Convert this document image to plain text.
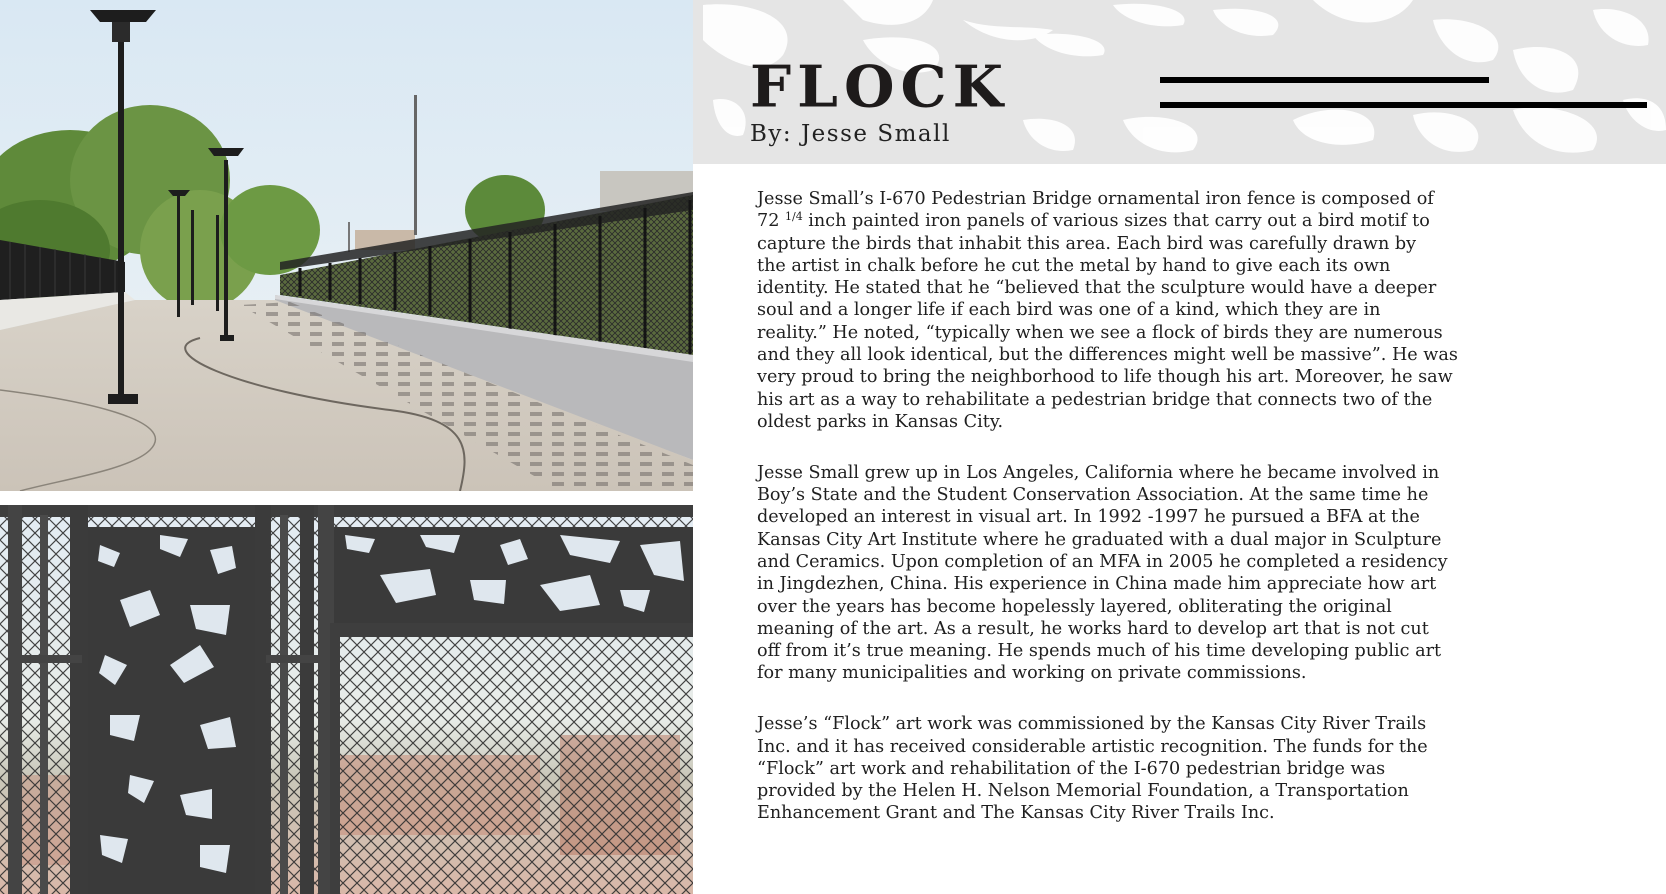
FLOCK
By: Jesse Small

Jesse Small’s I-670 Pedestrian Bridge ornamental iron fence is composed of
72 $^{1/4}$ inch painted iron panels of various sizes that carry out a bird motif to
capture the birds that inhabit this area. Each bird was carefully drawn by
the artist in chalk before he cut the metal by hand to give each its own
identity. He stated that he “believed that the sculpture would have a deeper
soul and a longer life if each bird was one of a kind, which they are in
reality.” He noted, “typically when we see a flock of birds they are numerous
and they all look identical, but the differences might well be massive”. He was
very proud to bring the neighborhood to life though his art. Moreover, he saw
his art as a way to rehabilitate a pedestrian bridge that connects two of the
oldest parks in Kansas City.

Jesse Small grew up in Los Angeles, California where he became involved in
Boy’s State and the Student Conservation Association. At the same time he
developed an interest in visual art. In 1992 -1997 he pursued a BFA at the
Kansas City Art Institute where he graduated with a dual major in Sculpture
and Ceramics. Upon completion of an MFA in 2005 he completed a residency
in Jingdezhen, China. His experience in China made him appreciate how art
over the years has become hopelessly layered, obliterating the original
meaning of the art. As a result, he works hard to develop art that is not cut
off from it’s true meaning. He spends much of his time developing public art
for many municipalities and working on private commissions.

Jesse’s “Flock” art work was commissioned by the Kansas City River Trails
Inc. and it has received considerable artistic recognition. The funds for the
“Flock” art work and rehabilitation of the I-670 pedestrian bridge was
provided by the Helen H. Nelson Memorial Foundation, a Transportation
Enhancement Grant and The Kansas City River Trails Inc.
